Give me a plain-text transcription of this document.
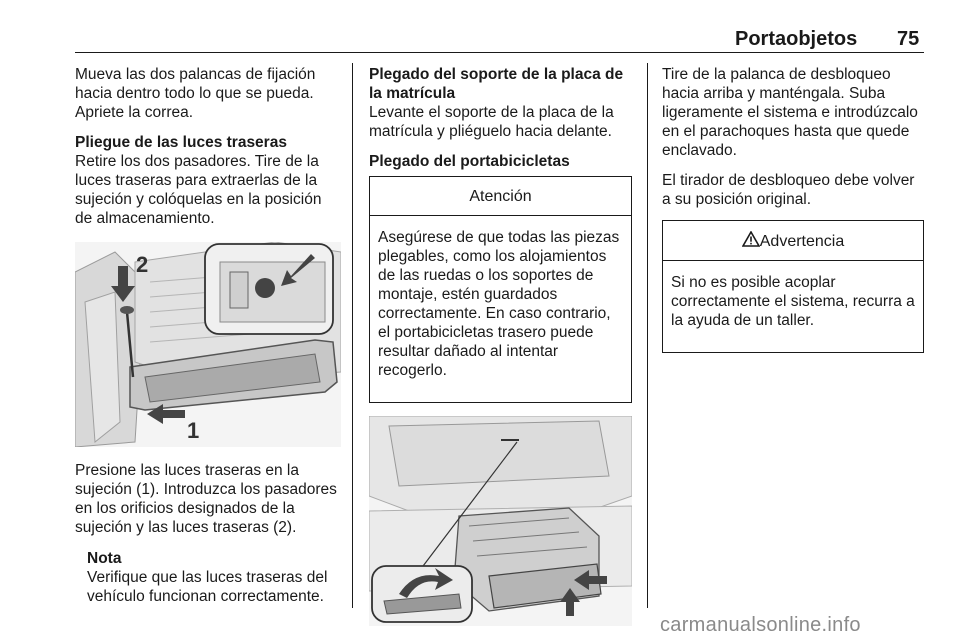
Portaobjetos 75

Mueva las dos palancas de fijación hacia dentro todo lo que se pueda. Apriete la correa.

Pliegue de las luces traseras

Retire los dos pasadores. Tire de la luces traseras para extraerlas de la sujeción y colóquelas en la posición de almacenamiento.

2
1

Presione las luces traseras en la sujeción (1). Introduzca los pasadores en los orificios designados de la sujeción y las luces traseras (2).

Nota

Verifique que las luces traseras del vehículo funcionan correctamente.

Plegado del soporte de la placa de la matrícula

Levante el soporte de la placa de la matrícula y pliéguelo hacia delante.

Plegado del portabicicletas

Atención

Asegúrese de que todas las piezas plegables, como los alojamientos de las ruedas o los soportes de montaje, estén guardados correctamente. En caso contrario, el portabicicletas trasero puede resultar dañado al intentar recogerlo.

Tire de la palanca de desbloqueo hacia arriba y manténgala. Suba ligeramente el sistema e introdúzcalo en el parachoques hasta que quede enclavado.

El tirador de desbloqueo debe volver a su posición original.

Advertencia

Si no es posible acoplar correctamente el sistema, recurra a la ayuda de un taller.

carmanualsonline.info
